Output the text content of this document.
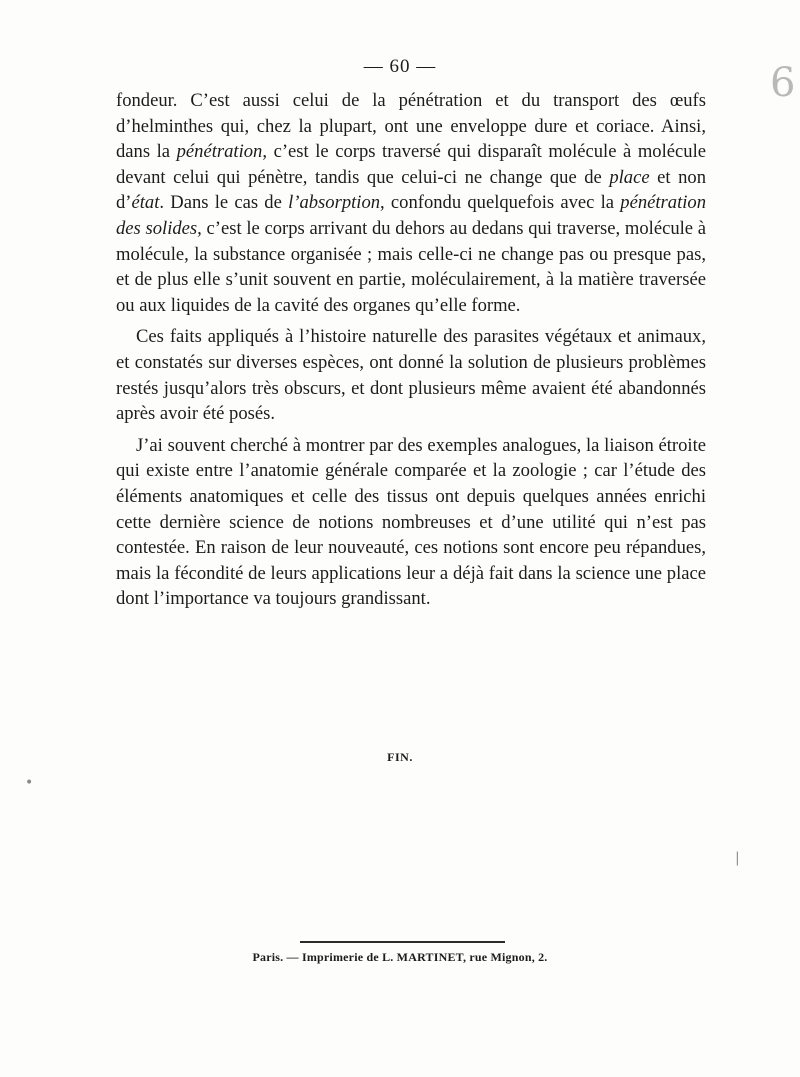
6
•
|
— 60 —

fondeur. C’est aussi celui de la pénétration et du transport des œufs d’helminthes qui, chez la plupart, ont une enveloppe dure et coriace. Ainsi, dans la pénétration, c’est le corps traversé qui disparaît molécule à molécule devant celui qui pénètre, tandis que celui-ci ne change que de place et non d’état. Dans le cas de l’absorption, confondu quelquefois avec la pénétration des solides, c’est le corps arrivant du dehors au dedans qui traverse, molécule à molécule, la substance organisée ; mais celle-ci ne change pas ou presque pas, et de plus elle s’unit souvent en partie, moléculairement, à la matière traversée ou aux liquides de la cavité des organes qu’elle forme.

Ces faits appliqués à l’histoire naturelle des parasites végétaux et animaux, et constatés sur diverses espèces, ont donné la solution de plusieurs problèmes restés jusqu’alors très obscurs, et dont plusieurs même avaient été abandonnés après avoir été posés.

J’ai souvent cherché à montrer par des exemples analogues, la liaison étroite qui existe entre l’anatomie générale comparée et la zoologie ; car l’étude des éléments anatomiques et celle des tissus ont depuis quelques années enrichi cette dernière science de notions nombreuses et d’une utilité qui n’est pas contestée. En raison de leur nouveauté, ces notions sont encore peu répandues, mais la fécondité de leurs applications leur a déjà fait dans la science une place dont l’importance va toujours grandissant.

FIN.
Paris. — Imprimerie de L. MARTINET, rue Mignon, 2.
